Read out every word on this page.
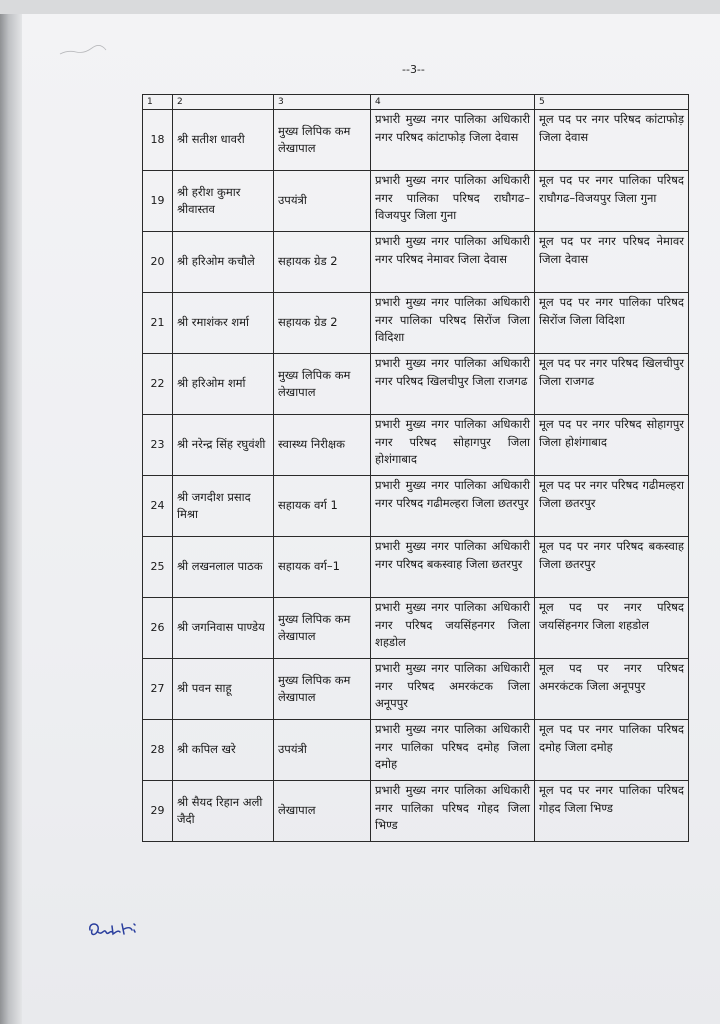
--3--
1	2	3	4	5
18	श्री सतीश धावरी	मुख्य लिपिक कम लेखापाल	प्रभारी मुख्य नगर पालिका अधिकारी नगर परिषद कांटाफोड़ जिला देवास	मूल पद पर नगर परिषद कांटाफोड़ जिला देवास
19	श्री हरीश कुमार श्रीवास्तव	उपयंत्री	प्रभारी मुख्य नगर पालिका अधिकारी नगर पालिका परिषद राघौगढ–विजयपुर जिला गुना	मूल पद पर नगर पालिका परिषद राघौगढ–विजयपुर जिला गुना
20	श्री हरिओम कचौले	सहायक ग्रेड 2	प्रभारी मुख्य नगर पालिका अधिकारी नगर परिषद नेमावर जिला देवास	मूल पद पर नगर परिषद नेमावर जिला देवास
21	श्री रमाशंकर शर्मा	सहायक ग्रेड 2	प्रभारी मुख्य नगर पालिका अधिकारी नगर पालिका परिषद सिरोंज जिला विदिशा	मूल पद पर नगर पालिका परिषद सिरोंज जिला विदिशा
22	श्री हरिओम शर्मा	मुख्य लिपिक कम लेखापाल	प्रभारी मुख्य नगर पालिका अधिकारी नगर परिषद खिलचीपुर जिला राजगढ	मूल पद पर नगर परिषद खिलचीपुर जिला राजगढ
23	श्री नरेन्द्र सिंह रघुवंशी	स्वास्थ्य निरीक्षक	प्रभारी मुख्य नगर पालिका अधिकारी नगर परिषद सोहागपुर जिला होशंगाबाद	मूल पद पर नगर परिषद सोहागपुर जिला होशंगाबाद
24	श्री जगदीश प्रसाद मिश्रा	सहायक वर्ग 1	प्रभारी मुख्य नगर पालिका अधिकारी नगर परिषद गढीमल्हरा जिला छतरपुर	मूल पद पर नगर परिषद गढीमल्हरा जिला छतरपुर
25	श्री लखनलाल पाठक	सहायक वर्ग–1	प्रभारी मुख्य नगर पालिका अधिकारी नगर परिषद बकस्वाह जिला छतरपुर	मूल पद पर नगर परिषद बकस्वाह जिला छतरपुर
26	श्री जगनिवास पाण्डेय	मुख्य लिपिक कम लेखापाल	प्रभारी मुख्य नगर पालिका अधिकारी नगर परिषद जयसिंहनगर जिला शहडोल	मूल पद पर नगर परिषद जयसिंहनगर जिला शहडोल
27	श्री पवन साहू	मुख्य लिपिक कम लेखापाल	प्रभारी मुख्य नगर पालिका अधिकारी नगर परिषद अमरकंटक जिला अनूपपुर	मूल पद पर नगर परिषद अमरकंटक जिला अनूपपुर
28	श्री कपिल खरे	उपयंत्री	प्रभारी मुख्य नगर पालिका अधिकारी नगर पालिका परिषद दमोह जिला दमोह	मूल पद पर नगर पालिका परिषद दमोह जिला दमोह
29	श्री सैयद रिहान अली जैदी	लेखापाल	प्रभारी मुख्य नगर पालिका अधिकारी नगर पालिका परिषद गोहद जिला भिण्ड	मूल पद पर नगर पालिका परिषद गोहद जिला भिण्ड
